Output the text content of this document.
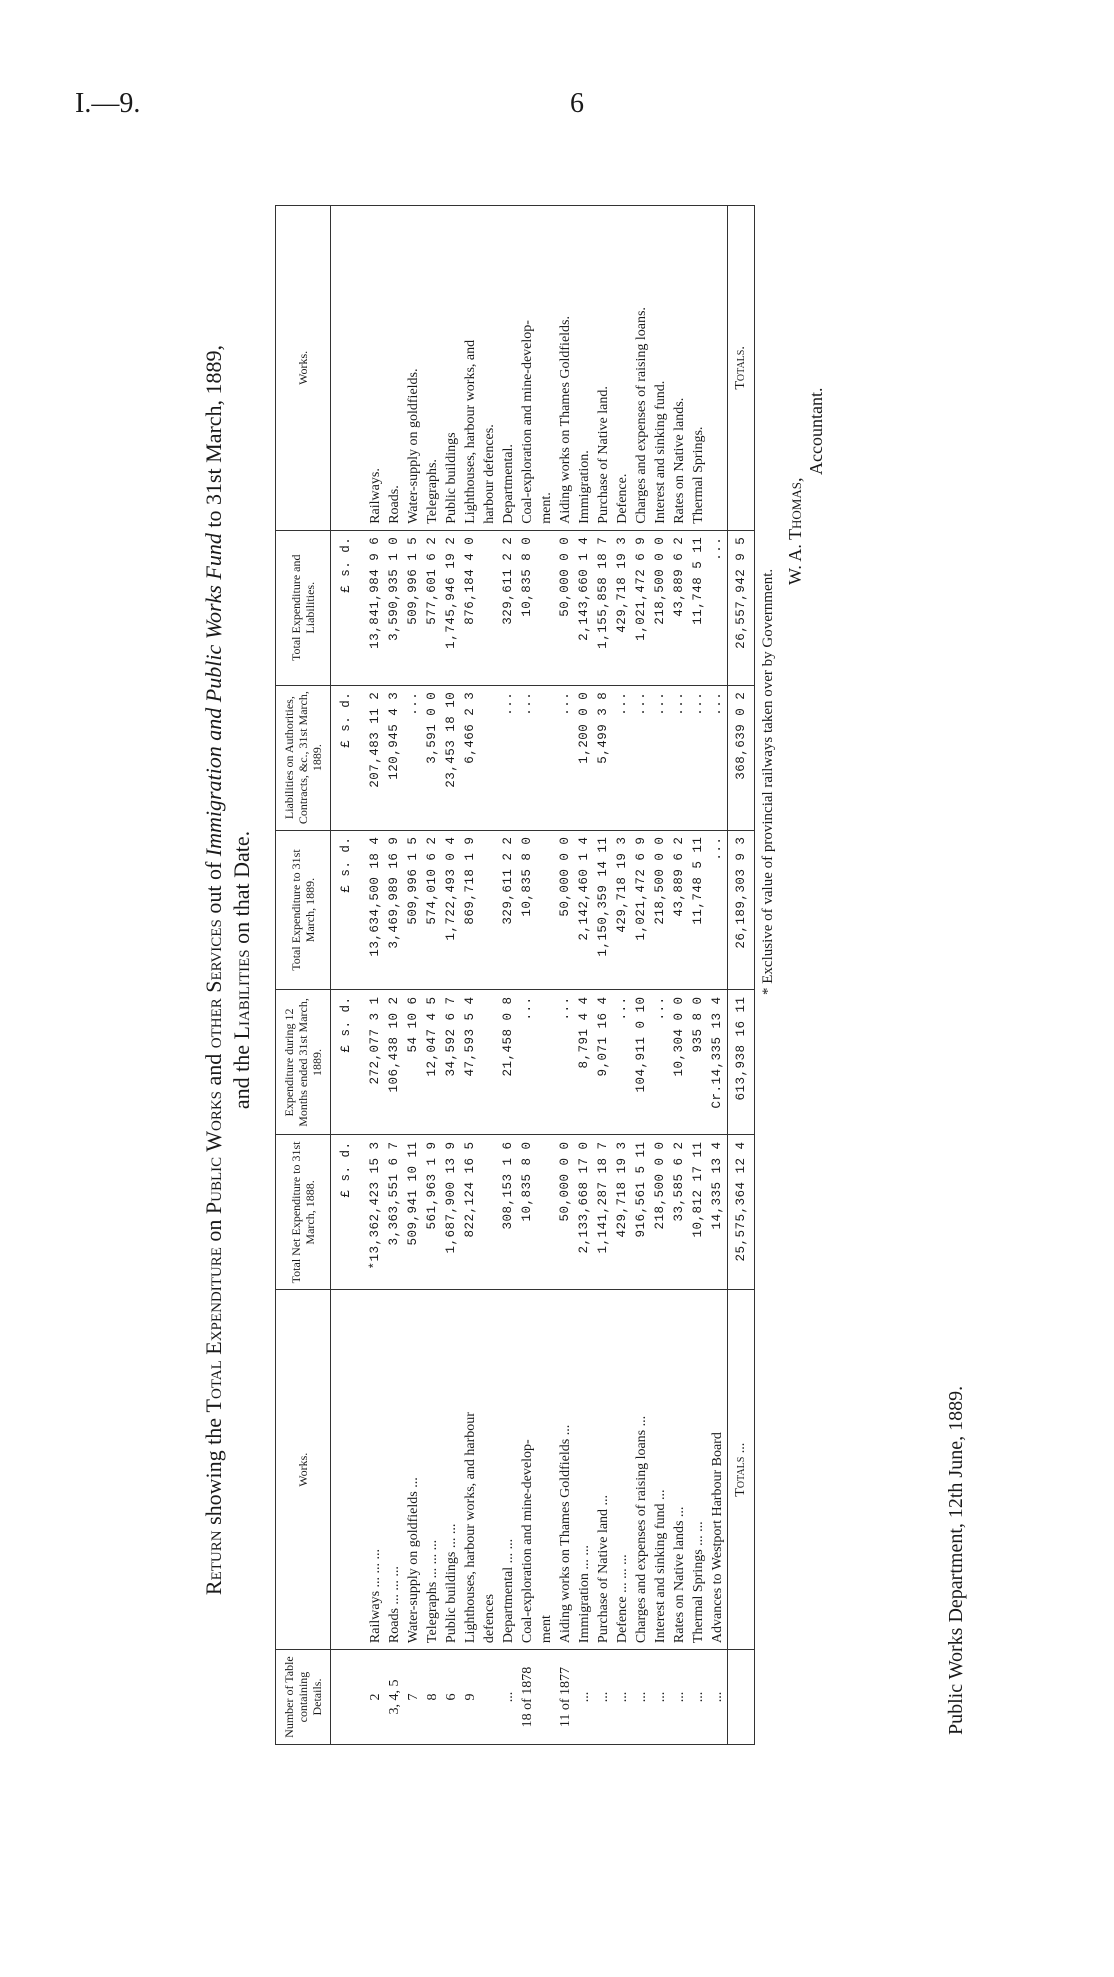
I.—9.	6
Return showing the Total Expenditure on Public Works and other Services out of Immigration and Public Works Fund to 31st March, 1889,
and the Liabilities on that Date.
Number of Table containing Details.	Works.	Total Net Expenditure to 31st March, 1888.	Expenditure during 12 Months ended 31st March, 1889.	Total Expenditure to 31st March, 1889.	Liabilities on Authorities, Contracts, &c., 31st March, 1889.	Total Expenditure and Liabilities.	Works.
		£ s. d.	£ s. d.	£ s. d.	£ s. d.	£ s. d.	

2	Railways ... ... ...	*13,362,423 15 3	272,077 3 1	13,634,500 18 4	207,483 11 2	13,841,984 9 6	Railways.
3, 4, 5	Roads ... ... ...	3,363,551 6 7	106,438 10 2	3,469,989 16 9	120,945 4 3	3,590,935 1 0	Roads.
7	Water-supply on goldfields ...	509,941 10 11	54 10 6	509,996 1 5	...	509,996 1 5	Water-supply on goldfields.
8	Telegraphs ... ... ...	561,963 1 9	12,047 4 5	574,010 6 2	3,591 0 0	577,601 6 2	Telegraphs.
6	Public buildings ... ...	1,687,900 13 9	34,592 6 7	1,722,493 0 4	23,453 18 10	1,745,946 19 2	Public buildings
9	Lighthouses, harbour works, and harbour	822,124 16 5	47,593 5 4	869,718 1 9	6,466 2 3	876,184 4 0	Lighthouses, harbour works, and
	defences						harbour defences.
...	Departmental ... ...	308,153 1 6	21,458 0 8	329,611 2 2	...	329,611 2 2	Departmental.
18 of 1878	Coal-exploration and mine-develop-	10,835 8 0	...	10,835 8 0	...	10,835 8 0	Coal-exploration and mine-develop-
	ment						ment.
11 of 1877	Aiding works on Thames Goldfields ...	50,000 0 0	...	50,000 0 0	...	50,000 0 0	Aiding works on Thames Goldfields.
...	Immigration ... ...	2,133,668 17 0	8,791 4 4	2,142,460 1 4	1,200 0 0	2,143,660 1 4	Immigration.
...	Purchase of Native land ...	1,141,287 18 7	9,071 16 4	1,150,359 14 11	5,499 3 8	1,155,858 18 7	Purchase of Native land.
...	Defence ... ... ...	429,718 19 3	...	429,718 19 3	...	429,718 19 3	Defence.
...	Charges and expenses of raising loans ...	916,561 5 11	104,911 0 10	1,021,472 6 9	...	1,021,472 6 9	Charges and expenses of raising loans.
...	Interest and sinking fund ...	218,500 0 0	...	218,500 0 0	...	218,500 0 0	Interest and sinking fund.
...	Rates on Native lands ...	33,585 6 2	10,304 0 0	43,889 6 2	...	43,889 6 2	Rates on Native lands.
...	Thermal Springs ... ...	10,812 17 11	935 8 0	11,748 5 11	...	11,748 5 11	Thermal Springs.
...	Advances to Westport Harbour Board	14,335 13 4	Cr.14,335 13 4	...	...	...	
	Totals ...	25,575,364 12 4	613,938 16 11	26,189,303 9 3	368,639 0 2	26,557,942 9 5	Totals.
* Exclusive of value of provincial railways taken over by Government.
W. A. Thomas,
Accountant.
Public Works Department, 12th June, 1889.
